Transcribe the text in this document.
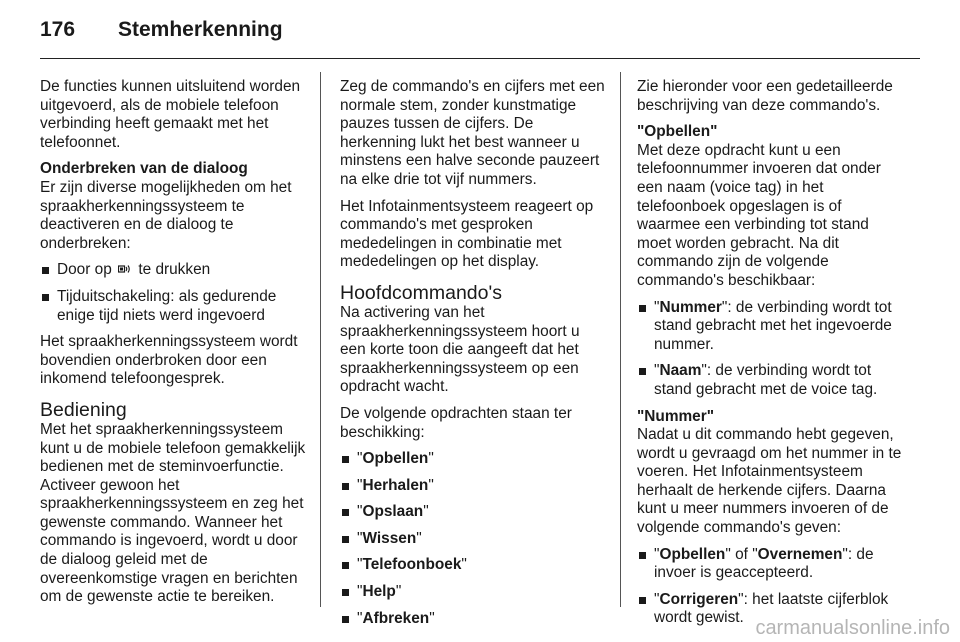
176	Stemherkenning

De functies kunnen uitsluitend worden uitgevoerd, als de mobiele telefoon verbinding heeft gemaakt met het telefoonnet.

Onderbreken van de dialoog

Er zijn diverse mogelijkheden om het spraakherkenningssysteem te deactiveren en de dialoog te onderbreken:

Door op te drukken
Tijduitschakeling: als gedurende enige tijd niets werd ingevoerd

Het spraakherkenningssysteem wordt bovendien onderbroken door een inkomend telefoongesprek.

Bediening

Met het spraakherkenningssysteem kunt u de mobiele telefoon gemakkelijk bedienen met de steminvoerfunctie. Activeer gewoon het spraakherkenningssysteem en zeg het gewenste commando. Wanneer het commando is ingevoerd, wordt u door de dialoog geleid met de overeenkomstige vragen en berichten om de gewenste actie te bereiken.

Zeg de commando's en cijfers met een normale stem, zonder kunstmatige pauzes tussen de cijfers. De herkenning lukt het best wanneer u minstens een halve seconde pauzeert na elke drie tot vijf nummers.

Het Infotainmentsysteem reageert op commando's met gesproken mededelingen in combinatie met mededelingen op het display.

Hoofdcommando's

Na activering van het spraakherkenningssysteem hoort u een korte toon die aangeeft dat het spraakherkenningssysteem op een opdracht wacht.

De volgende opdrachten staan ter beschikking:

"Opbellen"
"Herhalen"
"Opslaan"
"Wissen"
"Telefoonboek"
"Help"
"Afbreken"

Zie hieronder voor een gedetailleerde beschrijving van deze commando's.

"Opbellen"

Met deze opdracht kunt u een telefoonnummer invoeren dat onder een naam (voice tag) in het telefoonboek opgeslagen is of waarmee een verbinding tot stand moet worden gebracht. Na dit commando zijn de volgende commando's beschikbaar:

"Nummer": de verbinding wordt tot stand gebracht met het ingevoerde nummer.
"Naam": de verbinding wordt tot stand gebracht met de voice tag.

"Nummer"

Nadat u dit commando hebt gegeven, wordt u gevraagd om het nummer in te voeren. Het Infotainmentsysteem herhaalt de herkende cijfers. Daarna kunt u meer nummers invoeren of de volgende commando's geven:

"Opbellen" of "Overnemen": de invoer is geaccepteerd.
"Corrigeren": het laatste cijferblok wordt gewist. carmanualsonline.info
